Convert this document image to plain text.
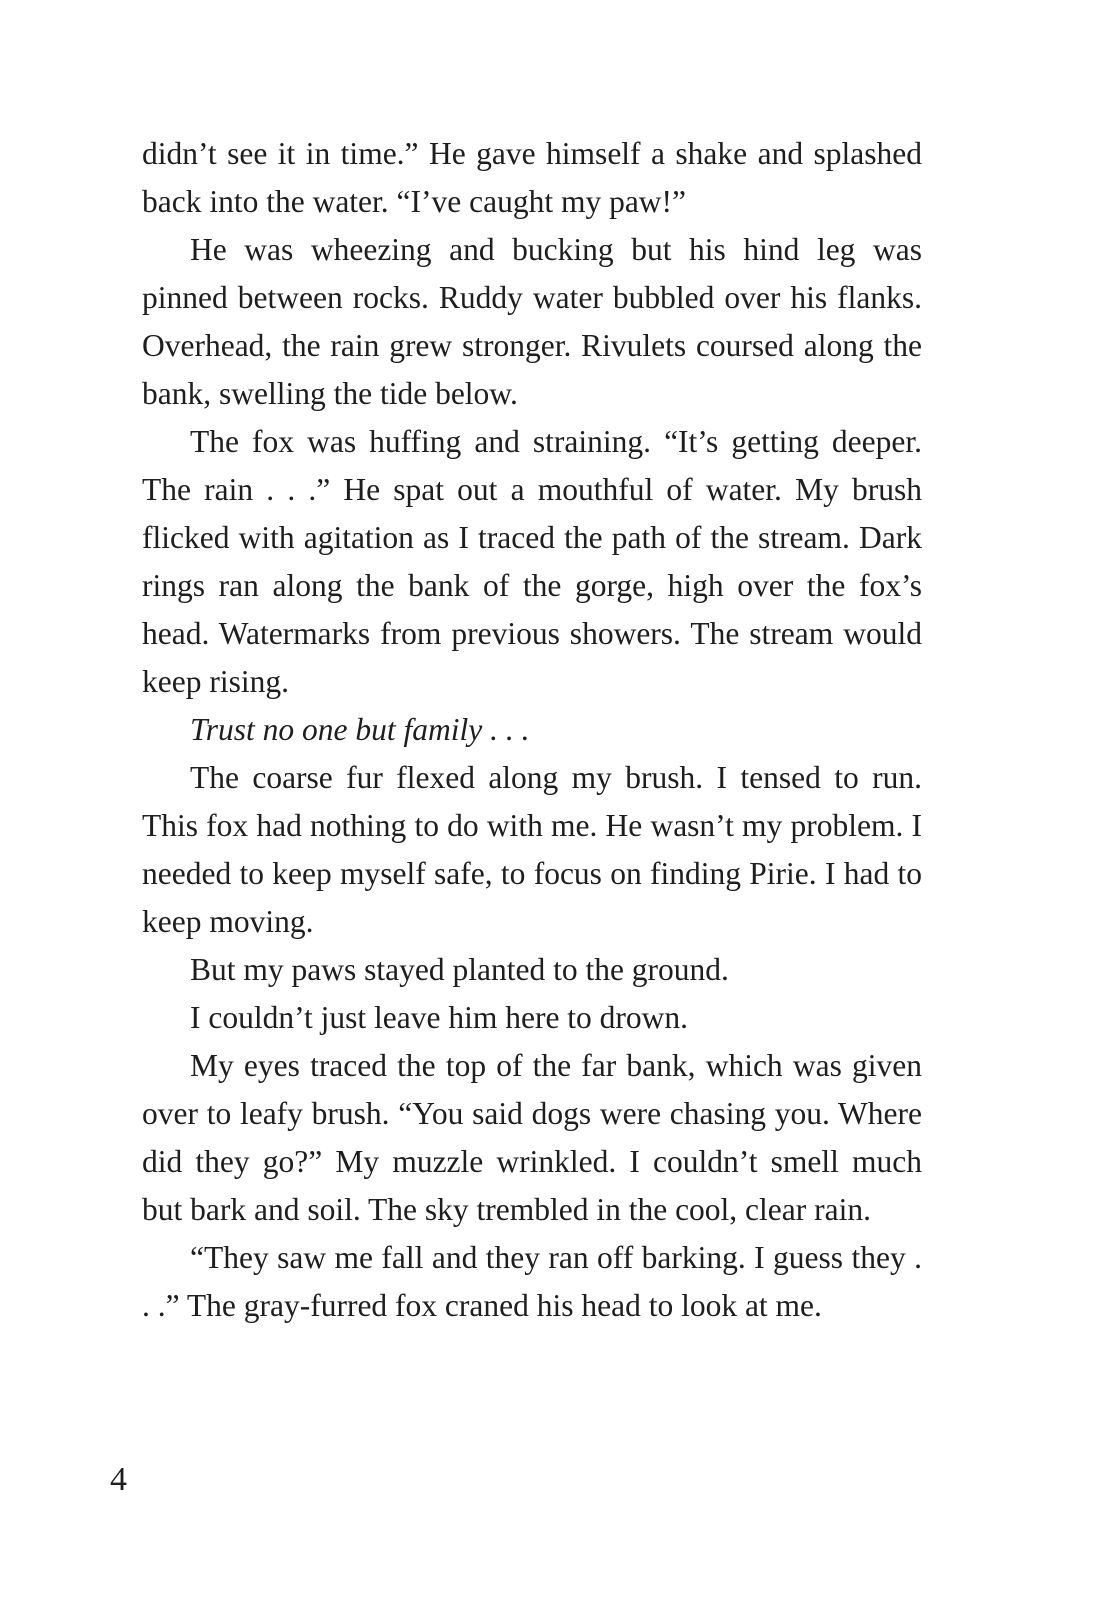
didn’t see it in time.” He gave himself a shake and splashed back into the water. “I’ve caught my paw!”

He was wheezing and bucking but his hind leg was pinned between rocks. Ruddy water bubbled over his flanks. Overhead, the rain grew stronger. Rivulets coursed along the bank, swelling the tide below.

The fox was huffing and straining. “It’s getting deeper. The rain . . .” He spat out a mouthful of water. My brush flicked with agitation as I traced the path of the stream. Dark rings ran along the bank of the gorge, high over the fox’s head. Watermarks from previous showers. The stream would keep rising.

Trust no one but family . . .

The coarse fur flexed along my brush. I tensed to run. This fox had nothing to do with me. He wasn’t my problem. I needed to keep myself safe, to focus on finding Pirie. I had to keep moving.

But my paws stayed planted to the ground.

I couldn’t just leave him here to drown.

My eyes traced the top of the far bank, which was given over to leafy brush. “You said dogs were chasing you. Where did they go?” My muzzle wrinkled. I couldn’t smell much but bark and soil. The sky trembled in the cool, clear rain.

“They saw me fall and they ran off barking. I guess they . . .” The gray-furred fox craned his head to look at me.

4
